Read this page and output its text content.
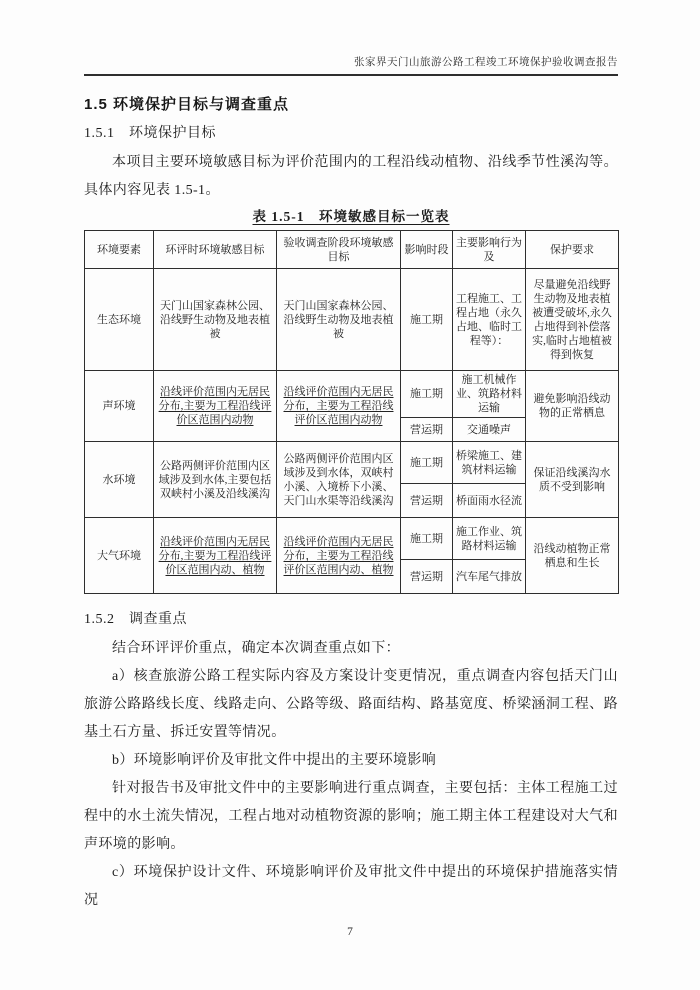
张家界天门山旅游公路工程竣工环境保护验收调查报告
1.5 环境保护目标与调查重点
1.5.1　环境保护目标

本项目主要环境敏感目标为评价范围内的工程沿线动植物、沿线季节性溪沟等。具体内容见表 1.5-1。

表 1.5-1　环境敏感目标一览表
环境要素	环评时环境敏感目标	验收调查阶段环境敏感目标	影响时段	主要影响行为及	保护要求
生态环境	天门山国家森林公园、沿线野生动物及地表植被	天门山国家森林公园、沿线野生动物及地表植被	施工期	工程施工、工程占地（永久占地、临时工程等）：	尽量避免沿线野生动物及地表植被遭受破坏,永久占地得到补偿落实,临时占地植被得到恢复
声环境	沿线评价范围内无居民分布,主要为工程沿线评价区范围内动物	沿线评价范围内无居民分布，主要为工程沿线评价区范围内动物	施工期	施工机械作业、筑路材料运输	避免影响沿线动物的正常栖息
			营运期	交通噪声	
水环境	公路两侧评价范围内区域涉及到水体,主要包括双峡村小溪及沿线溪沟	公路两侧评价范围内区域涉及到水体，双峡村小溪、入境桥下小溪、天门山水渠等沿线溪沟	施工期	桥梁施工、建筑材料运输	保证沿线溪沟水质不受到影响
			营运期	桥面雨水径流	
大气环境	沿线评价范围内无居民分布,主要为工程沿线评价区范围内动、植物	沿线评价范围内无居民分布，主要为工程沿线评价区范围内动、植物	施工期	施工作业、筑路材料运输	沿线动植物正常栖息和生长
			营运期	汽车尾气排放	
1.5.2　调查重点

结合环评评价重点，确定本次调查重点如下：

a）核查旅游公路工程实际内容及方案设计变更情况，重点调查内容包括天门山旅游公路路线长度、线路走向、公路等级、路面结构、路基宽度、桥梁涵洞工程、路基土石方量、拆迁安置等情况。

b）环境影响评价及审批文件中提出的主要环境影响

针对报告书及审批文件中的主要影响进行重点调查，主要包括：主体工程施工过程中的水土流失情况，工程占地对动植物资源的影响；施工期主体工程建设对大气和声环境的影响。

c）环境保护设计文件、环境影响评价及审批文件中提出的环境保护措施落实情况

7
